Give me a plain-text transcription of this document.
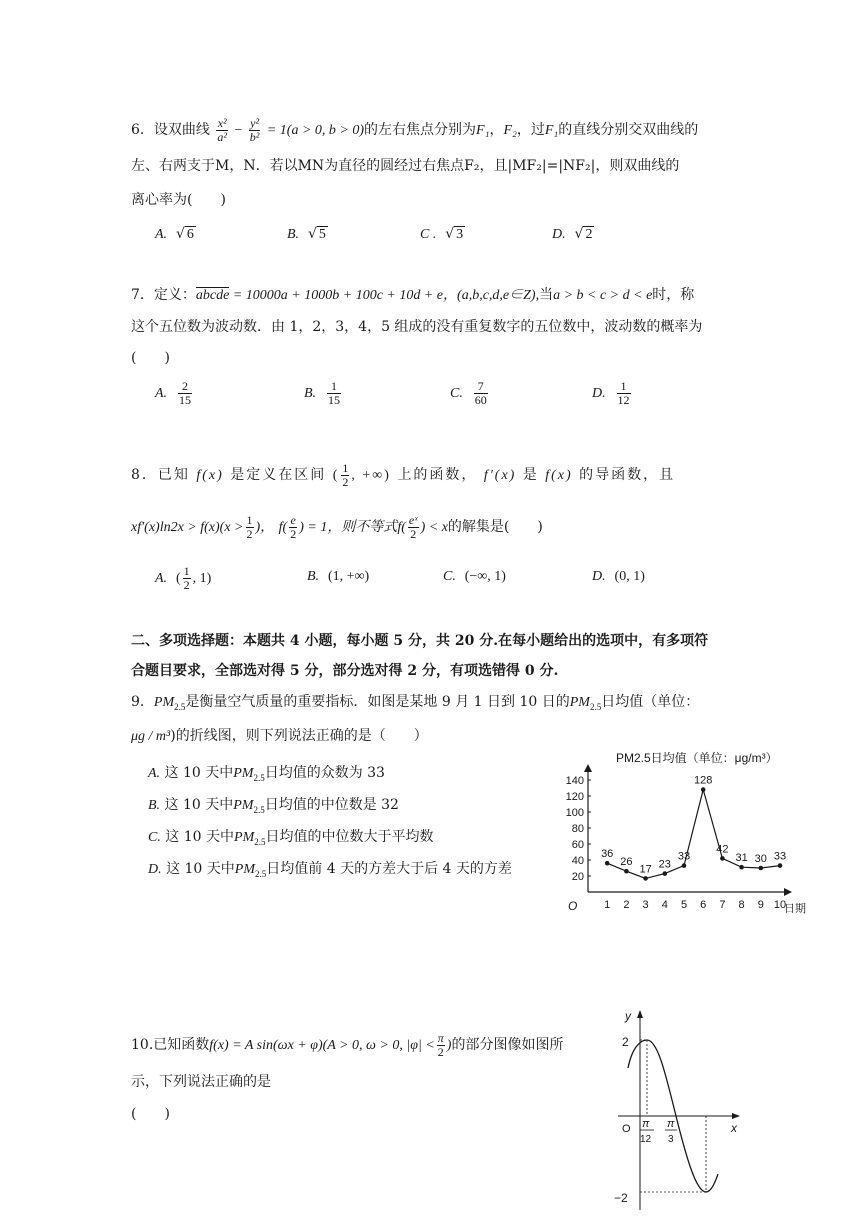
6．设双曲线 $\frac{\text{x²}}{\text{a²}} - \frac{\text{y²}}{\text{b²}} = 1(a > 0$, b > 0)的左右焦点分别为F₁，F₂，过F₁的直线分别交双曲线的
左、右两支于M，N．若以MN为直径的圆经过右焦点F₂，且|MF₂|=|NF₂|，则双曲线的
离心率为(　　)
A.  √ 6	B.  √ 5	C .  √ 3	D.  √ 2
7．定义：abcde = 10000a + 1000b + 100c + 10d + e，(a,b,c,d,e∈Z),当a > b < c > d < e时，称
这个五位数为波动数．由 1，2，3，4，5 组成的没有重复数字的五位数中，波动数的概率为
(　　)
A. $\frac{2}{15}$	B. $\frac{1}{15}$	C. $\frac{7}{60}$	D. $\frac{1}{12}$
8．已知 f(x) 是定义在区间 ( $\frac{1}{2}$ , +∞) 上的函数， f′(x) 是 f(x) 的导函数，且
$xf'(x)\ln 2x > f(x)(x > \frac{1}{2}$ )， $f( \frac{e}{2}$ ) = 1，则不等式$f( \frac{\text{eˣ}}{2}$ ) < x的解集是(　　)
A. ( $\frac{1}{2}$ , 1)	B. (1, +∞)	C. (−∞, 1)	D. (0, 1)
二、多项选择题：本题共 4 小题，每小题 5 分，共 20 分.在每小题给出的选项中，有多项符
合题目要求，全部选对得 5 分，部分选对得 2 分，有项选错得 0 分.
9．$PM_{2.5}$是衡量空气质量的重要指标．如图是某地 9 月 1 日到 10 日的$PM_{2.5}$日均值（单位：
μg / m³)的折线图，则下列说法正确的是（　　）
A. 这 10 天中$PM_{2.5}$日均值的众数为 33
B. 这 10 天中$PM_{2.5}$日均值的中位数是 32
C. 这 10 天中$PM_{2.5}$日均值的中位数大于平均数
D. 这 10 天中$PM_{2.5}$日均值前 4 天的方差大于后 4 天的方差
PM2.5日均值（单位：μg/m³）
O	日期
20
40
60
80
100
120
140
1 2 3 4 5 6 7 8 9 10
36
26
17 23
33
128
42
31 30 33
10.已知函数f(x) = A sin(ωx + φ)(A > 0, ω > 0, $|\varphi| < \frac{\pi}{2}$ )的部分图像如图所
示，下列说法正确的是
(　　)
y
x
O
2
−2
π
12
π
3
